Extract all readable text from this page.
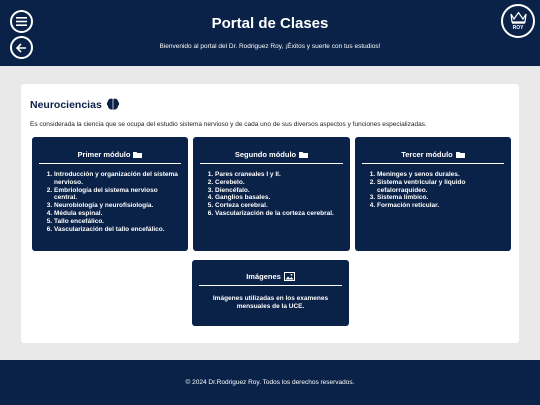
Portal de Clases
Bienvenido al portal del Dr. Rodriguez Roy, ¡Éxitos y suerte con tus estudios!
ROY
Neurociencias
Es considerada la ciencia que se ocupa del estudio sistema nervioso y de cada uno de sus diversos aspectos y funciones especializadas.
Primer módulo
1. Introducción y organización del sistema nervioso.
2. Embriología del sistema nervioso central.
3. Neurobiología y neurofisiología.
4. Médula espinal.
5. Tallo encefálico.
6. Vascularización del tallo encefálico.
Segundo módulo
1. Pares craneales I y II.
2. Cerebelo.
3. Diencéfalo.
4. Ganglios basales.
5. Corteza cerebral.
6. Vascularización de la corteza cerebral.
Tercer módulo
1. Meninges y senos durales.
2. Sistema ventricular y liquido cefalorraquideo.
3. Sistema límbico.
4. Formación reticular.
Imágenes
Imágenes utilizadas en los examenes mensuales de la UCE.
© 2024 Dr.Rodriguez Roy. Todos los derechos reservados.
